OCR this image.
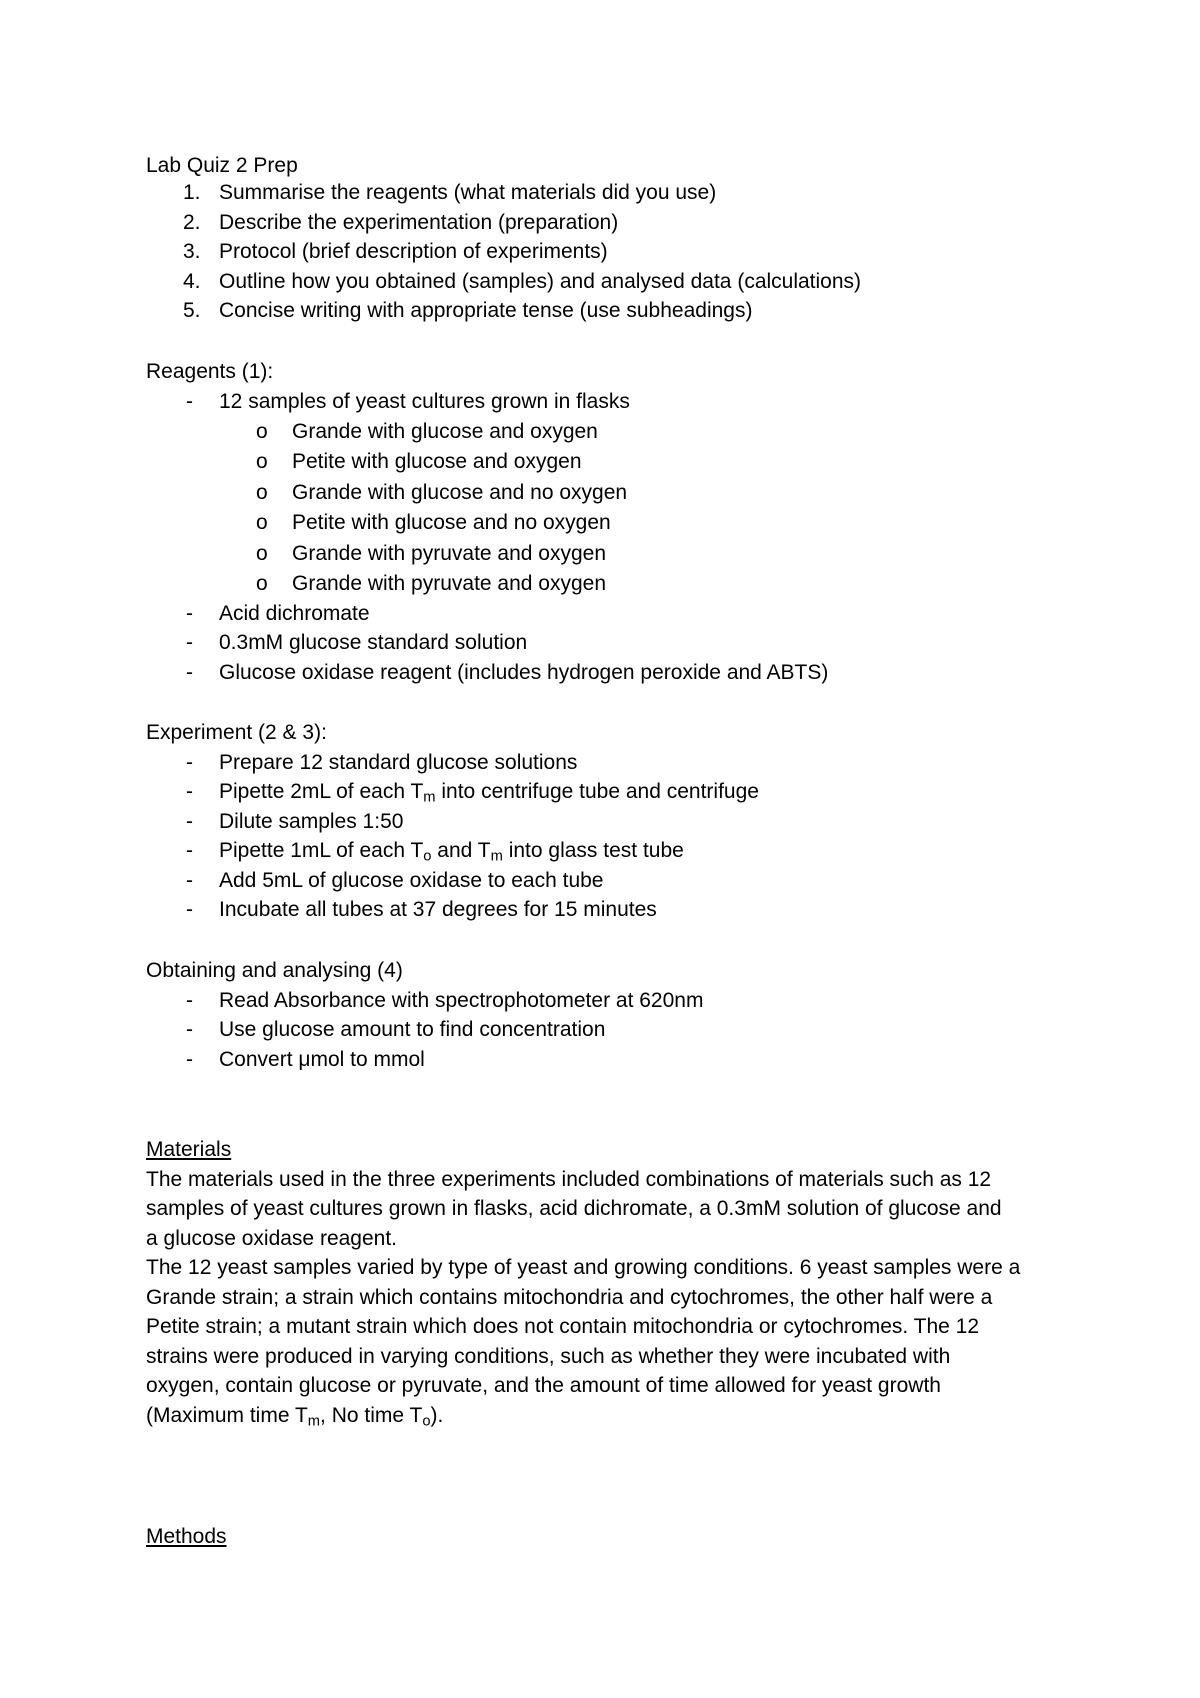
Lab Quiz 2 Prep
1. Summarise the reagents (what materials did you use)
2. Describe the experimentation (preparation)
3. Protocol (brief description of experiments)
4. Outline how you obtained (samples) and analysed data (calculations)
5. Concise writing with appropriate tense (use subheadings)
Reagents (1):
- 12 samples of yeast cultures grown in flasks
o Grande with glucose and oxygen
o Petite with glucose and oxygen
o Grande with glucose and no oxygen
o Petite with glucose and no oxygen
o Grande with pyruvate and oxygen
o Grande with pyruvate and oxygen
- Acid dichromate
- 0.3mM glucose standard solution
- Glucose oxidase reagent (includes hydrogen peroxide and ABTS)
Experiment (2 & 3):
- Prepare 12 standard glucose solutions
- Pipette 2mL of each $T_m$ into centrifuge tube and centrifuge
- Dilute samples 1:50
- Pipette 1mL of each $T_o$ and $T_m$ into glass test tube
- Add 5mL of glucose oxidase to each tube
- Incubate all tubes at 37 degrees for 15 minutes
Obtaining and analysing (4)
- Read Absorbance with spectrophotometer at 620nm
- Use glucose amount to find concentration
- Convert μmol to mmol
Materials
The materials used in the three experiments included combinations of materials such as 12
samples of yeast cultures grown in flasks, acid dichromate, a 0.3mM solution of glucose and
a glucose oxidase reagent.
The 12 yeast samples varied by type of yeast and growing conditions. 6 yeast samples were a
Grande strain; a strain which contains mitochondria and cytochromes, the other half were a
Petite strain; a mutant strain which does not contain mitochondria or cytochromes. The 12
strains were produced in varying conditions, such as whether they were incubated with
oxygen, contain glucose or pyruvate, and the amount of time allowed for yeast growth
(Maximum time $T_m$, No time $T_o$).
Methods
